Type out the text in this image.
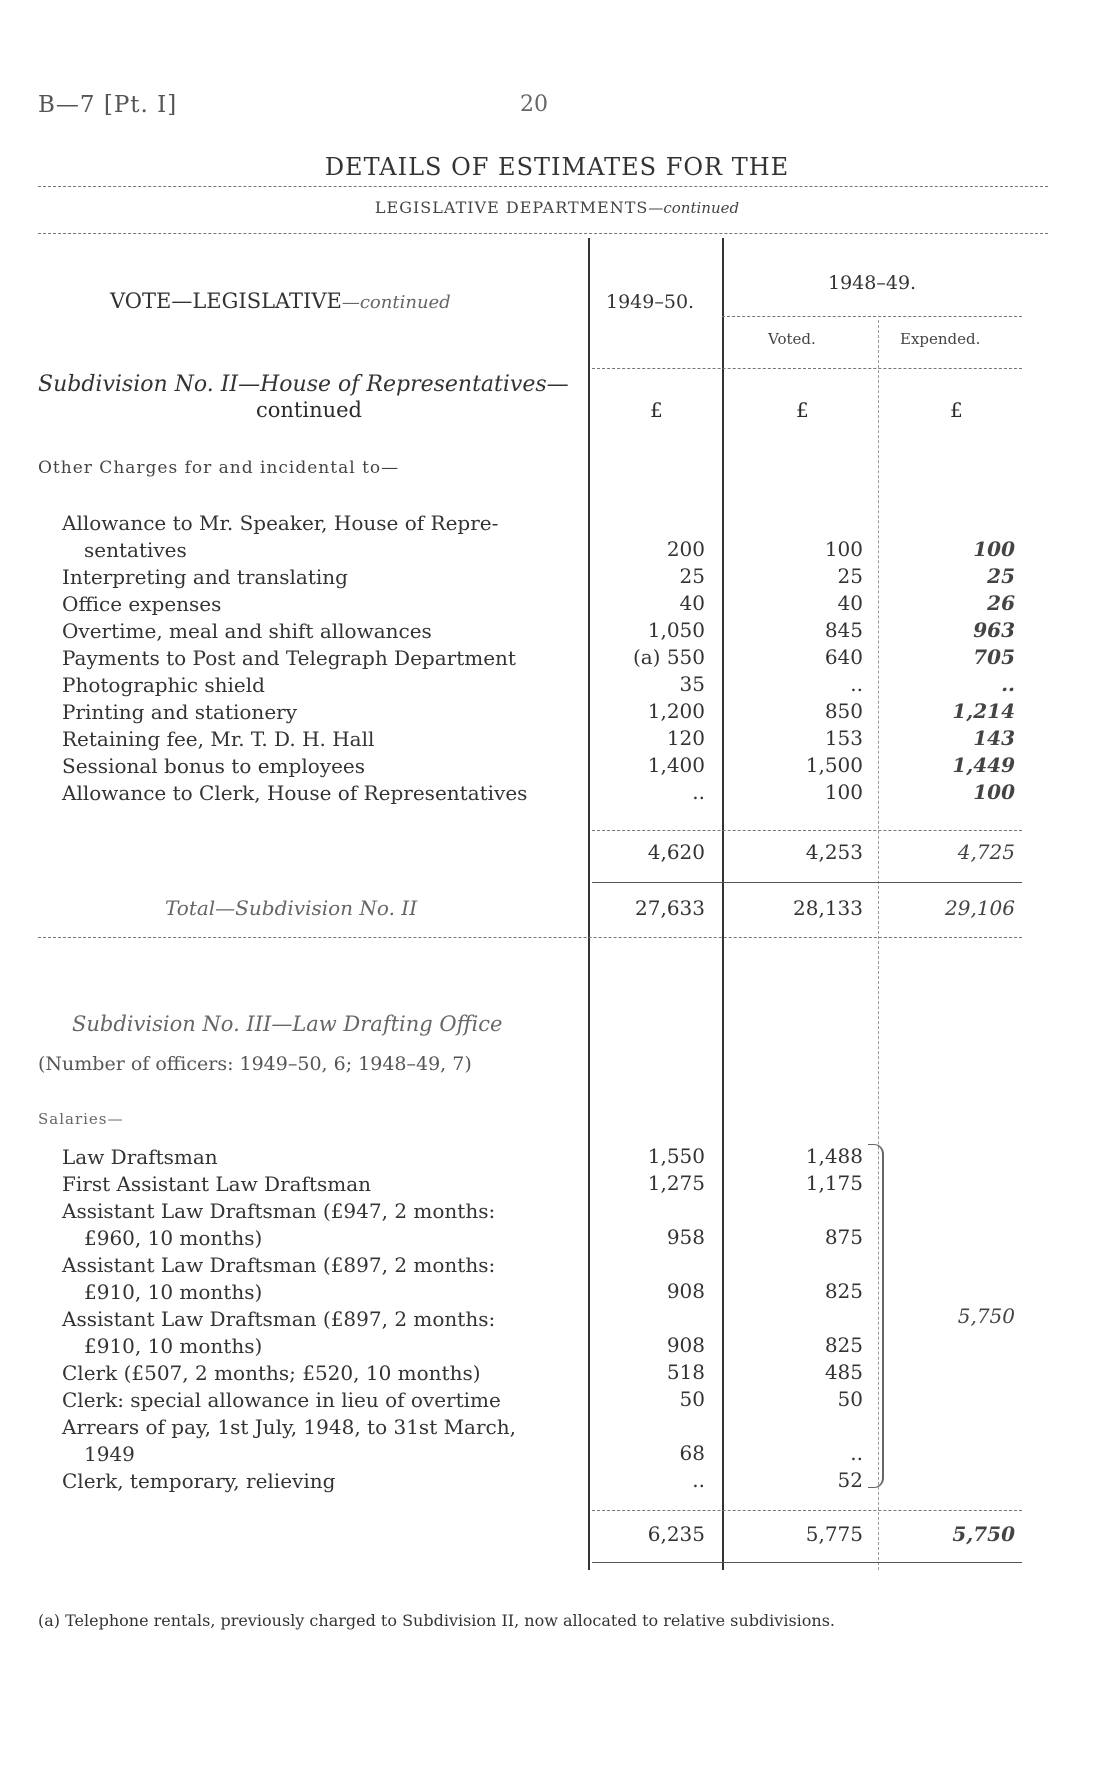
B—7 [Pt. I]	20
DETAILS OF ESTIMATES FOR THE
LEGISLATIVE DEPARTMENTS—continued
VOTE—LEGISLATIVE—continued	1949–50.
1948–49.
Voted.	Expended.
Subdivision No. II—House of Representatives—
continued	£	£	£
Other Charges for and incidental to—
Allowance to Mr. Speaker, House of Repre-
sentatives	200	100	100
Interpreting and translating	25	25	25
Office expenses	40	40	26
Overtime, meal and shift allowances	1,050	845	963
Payments to Post and Telegraph Department	(a) 550	640	705
Photographic shield	35	..	..
Printing and stationery	1,200	850	1,214
Retaining fee, Mr. T. D. H. Hall	120	153	143
Sessional bonus to employees	1,400	1,500	1,449
Allowance to Clerk, House of Representatives	..	100	100
4,620	4,253	4,725
Total—Subdivision No. II	27,633	28,133	29,106
Subdivision No. III—Law Drafting Office
(Number of officers: 1949–50, 6; 1948–49, 7)
Salaries—
Law Draftsman	1,550	1,488
First Assistant Law Draftsman	1,275	1,175
Assistant Law Draftsman (£947, 2 months:
£960, 10 months)	958	875
Assistant Law Draftsman (£897, 2 months:
£910, 10 months)	908	825
Assistant Law Draftsman (£897, 2 months:
£910, 10 months)	908	825
Clerk (£507, 2 months; £520, 10 months)	518	485
Clerk: special allowance in lieu of overtime	50	50
Arrears of pay, 1st July, 1948, to 31st March,
1949	68	..
Clerk, temporary, relieving	..	52
5,750
6,235	5,775	5,750
(a) Telephone rentals, previously charged to Subdivision II, now allocated to relative subdivisions.
